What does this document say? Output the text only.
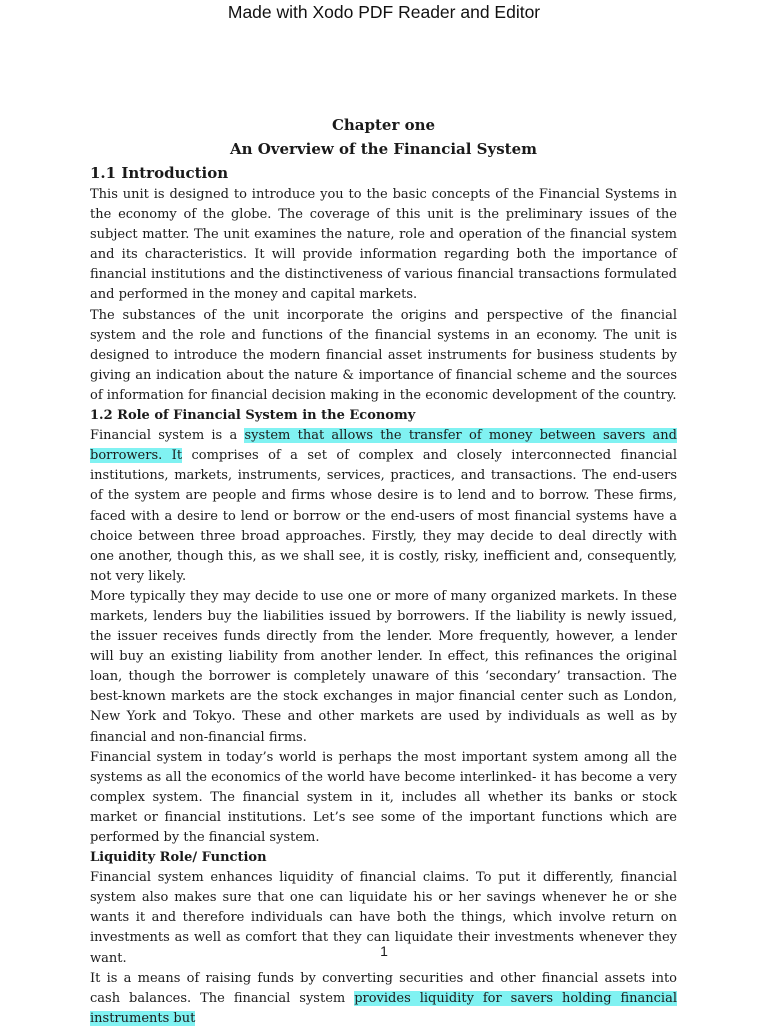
Made with Xodo PDF Reader and Editor
Chapter one
An Overview of the Financial System
1.1 Introduction

This unit is designed to introduce you to the basic concepts of the Financial Systems in the economy of the globe. The coverage of this unit is the preliminary issues of the subject matter. The unit examines the nature, role and operation of the financial system and its characteristics. It will provide information regarding both the importance of financial institutions and the distinctiveness of various financial transactions formulated and performed in the money and capital markets.

The substances of the unit incorporate the origins and perspective of the financial system and the role and functions of the financial systems in an economy. The unit is designed to introduce the modern financial asset instruments for business students by giving an indication about the nature & importance of financial scheme and the sources of information for financial decision making in the economic development of the country.

1.2 Role of Financial System in the Economy

Financial system is a system that allows the transfer of money between savers and borrowers. It comprises of a set of complex and closely interconnected financial institutions, markets, instruments, services, practices, and transactions. The end-users of the system are people and firms whose desire is to lend and to borrow. These firms, faced with a desire to lend or borrow or the end-users of most financial systems have a choice between three broad approaches. Firstly, they may decide to deal directly with one another, though this, as we shall see, it is costly, risky, inefficient and, consequently, not very likely.

More typically they may decide to use one or more of many organized markets. In these markets, lenders buy the liabilities issued by borrowers. If the liability is newly issued, the issuer receives funds directly from the lender. More frequently, however, a lender will buy an existing liability from another lender. In effect, this refinances the original loan, though the borrower is completely unaware of this ‘secondary’ transaction. The best-known markets are the stock exchanges in major financial center such as London, New York and Tokyo. These and other markets are used by individuals as well as by financial and non-financial firms.

Financial system in today’s world is perhaps the most important system among all the systems as all the economics of the world have become interlinked- it has become a very complex system. The financial system in it, includes all whether its banks or stock market or financial institutions. Let’s see some of the important functions which are performed by the financial system.

Liquidity Role/ Function

Financial system enhances liquidity of financial claims. To put it differently, financial system also makes sure that one can liquidate his or her savings whenever he or she wants it and therefore individuals can have both the things, which involve return on investments as well as comfort that they can liquidate their investments whenever they want.

It is a means of raising funds by converting securities and other financial assets into cash balances. The financial system provides liquidity for savers holding financial instruments but

1
